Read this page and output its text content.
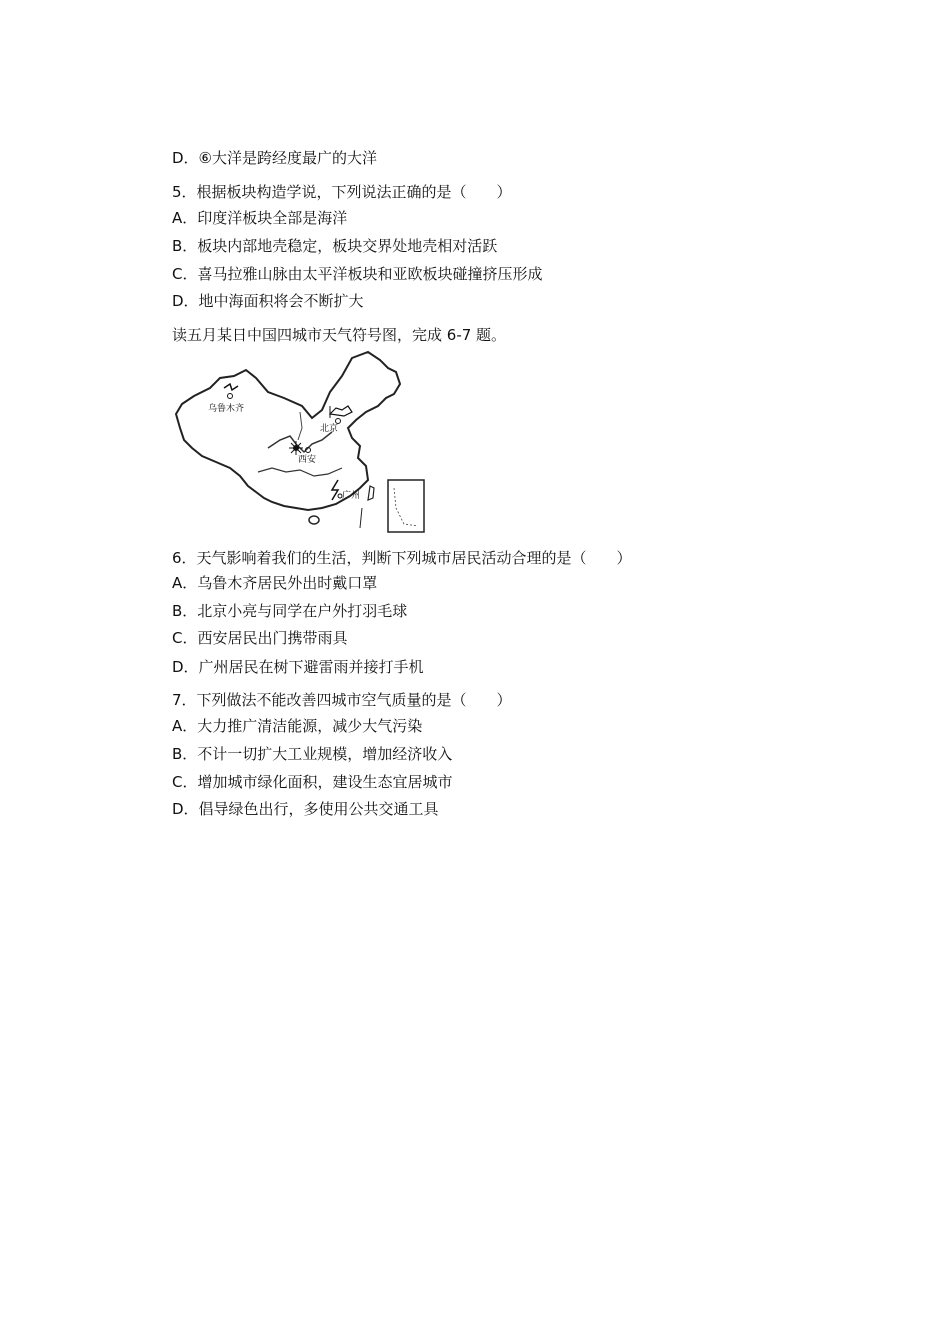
D．⑥大洋是跨经度最广的大洋
5．根据板块构造学说，下列说法正确的是（　　）
A．印度洋板块全部是海洋
B．板块内部地壳稳定，板块交界处地壳相对活跃
C．喜马拉雅山脉由太平洋板块和亚欧板块碰撞挤压形成
D．地中海面积将会不断扩大
读五月某日中国四城市天气符号图，完成 6-7 题。
乌鲁木齐
北京
西安
广州
6．天气影响着我们的生活，判断下列城市居民活动合理的是（　　）
A．乌鲁木齐居民外出时戴口罩
B．北京小亮与同学在户外打羽毛球
C．西安居民出门携带雨具
D．广州居民在树下避雷雨并接打手机
7．下列做法不能改善四城市空气质量的是（　　）
A．大力推广清洁能源，减少大气污染
B．不计一切扩大工业规模，增加经济收入
C．增加城市绿化面积，建设生态宜居城市
D．倡导绿色出行，多使用公共交通工具
